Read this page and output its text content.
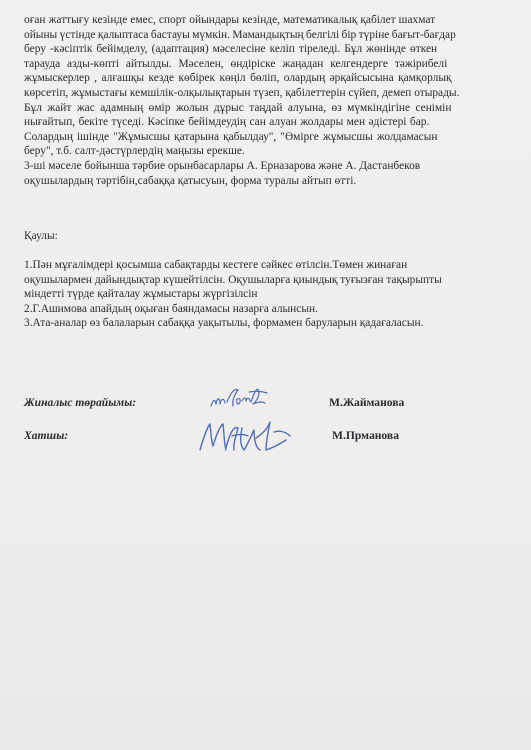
оған жаттығу кезінде емес, спорт ойындары кезінде, математикалық қабілет шахмат
ойыны үстінде қалыптаса бастауы мүмкін. Мамандықтың белгілі бір түріне бағыт-бағдар
беру -кәсіптік бейімделу, (адаптация) мәселесіне келіп тіреледі. Бұл жөнінде өткен
тарауда азды-көпті айтылды. Мәселен, өндіріске жаңадан келгендерге тәжірибелі
жұмыскерлер , алғашқы кезде көбірек көңіл бөліп, олардың әрқайсысына қамқорлық
көрсетіп, жұмыстағы кемшілік-олқылықтарын түзеп, қабілеттерін сүйеп, демеп отырады.
Бұл жайт жас адамның өмір жолын дұрыс таңдай алуына, өз мүмкіндігіне сенімін
нығайтып, бекіте түседі. Кәсіпке бейімдеудің сан алуан жолдары мен әдістері бар.
Солардың ішінде "Жұмысшы қатарына қабылдау", "Өмірге жұмысшы жолдамасын
беру", т.б. салт-дәстүрлердің маңызы ерекше.
3-ші мәселе бойынша тәрбие орынбасарлары А. Ерназарова және А. Дастанбеков
оқушылардың тәртібін,сабаққа қатысуын, форма туралы айтып өтті.
Қаулы:
1.Пән мұғалімдері қосымша сабақтарды кестеге сәйкес өтілсін.Төмен жинаған
оқушылармен дайындықтар күшейтілсін. Оқушыларға қиындық туғызған тақырыпты
міндетті түрде қайталау жұмыстары жүргізілсін
2.Г.Ашимова апайдың оқыған баяндамасы назарға алынсын.
3.Ата-аналар өз балаларын сабаққа уақытылы, формамен баруларын қадағаласын.
Жиналыс төрайымы:	М.Жайманова
Хатшы:	М.Прманова
